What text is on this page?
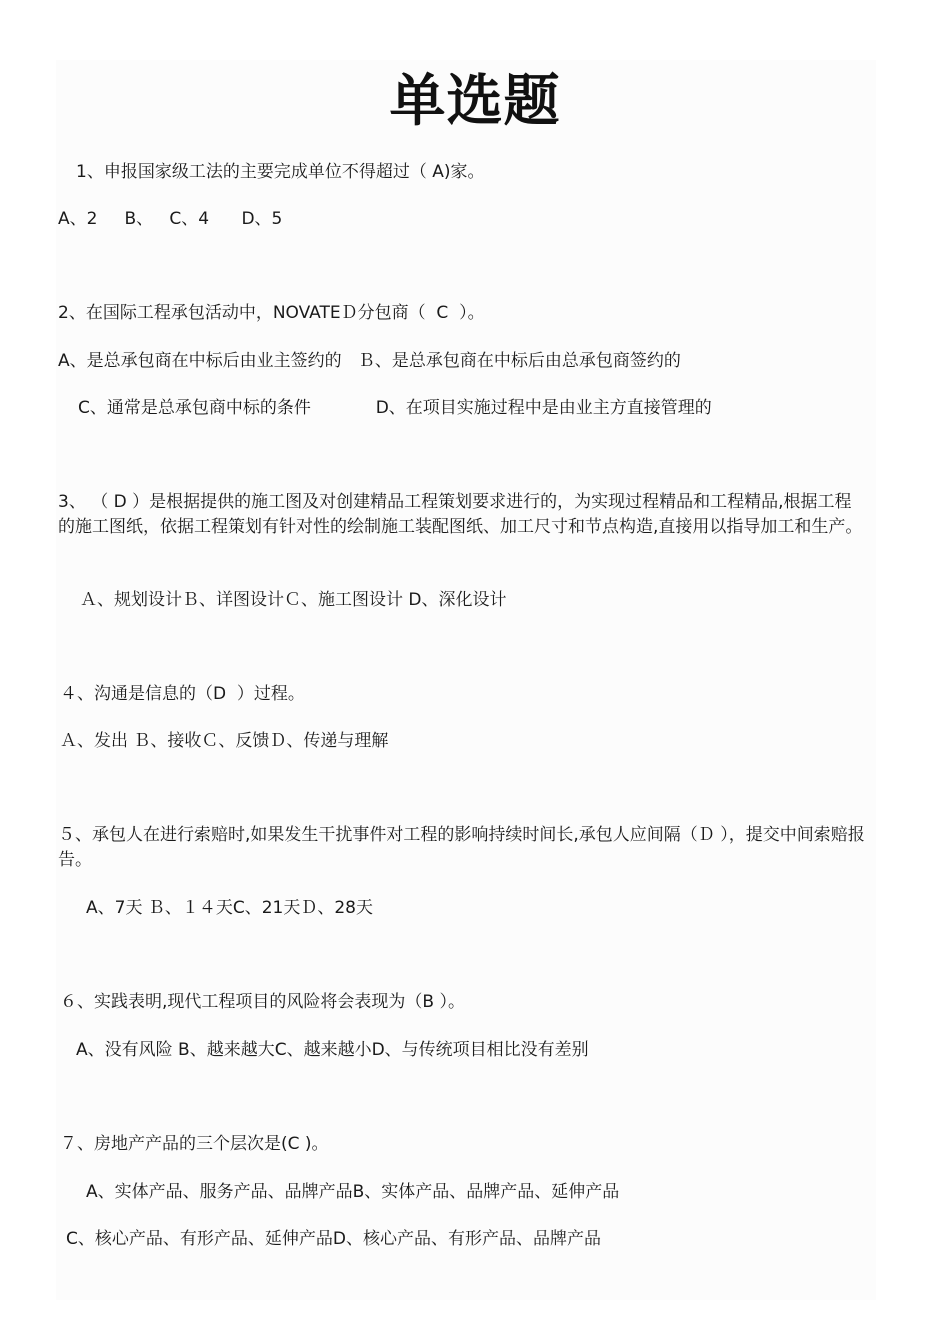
单选题
1、申报国家级工法的主要完成单位不得超过（ A)家。
A、2     B、   C、4      D、5
2、在国际工程承包活动中，NOVATEＤ分包商（  C  ）。
A、是总承包商在中标后由业主签约的   Ｂ、是总承包商在中标后由总承包商签约的
C、通常是总承包商中标的条件            D、在项目实施过程中是由业主方直接管理的
3、 （ D ）是根据提供的施工图及对创建精品工程策划要求进行的，为实现过程精品和工程精品,根据工程的施工图纸，依据工程策划有针对性的绘制施工装配图纸、加工尺寸和节点构造,直接用以指导加工和生产。
Ａ、规划设计Ｂ、详图设计Ｃ、施工图设计 D、深化设计
４、沟通是信息的（D  ）过程。
Ａ、发出 Ｂ、接收Ｃ、反馈Ｄ、传递与理解
５、承包人在进行索赔时,如果发生干扰事件对工程的影响持续时间长,承包人应间隔（Ｄ ），提交中间索赔报告。
A、7天 Ｂ、１４天C、21天Ｄ、28天
６、实践表明,现代工程项目的风险将会表现为（B ）。
A、没有风险 B、越来越大C、越来越小D、与传统项目相比没有差别
７、房地产产品的三个层次是(C )。
A、实体产品、服务产品、品牌产品B、实体产品、品牌产品、延伸产品
C、核心产品、有形产品、延伸产品D、核心产品、有形产品、品牌产品
